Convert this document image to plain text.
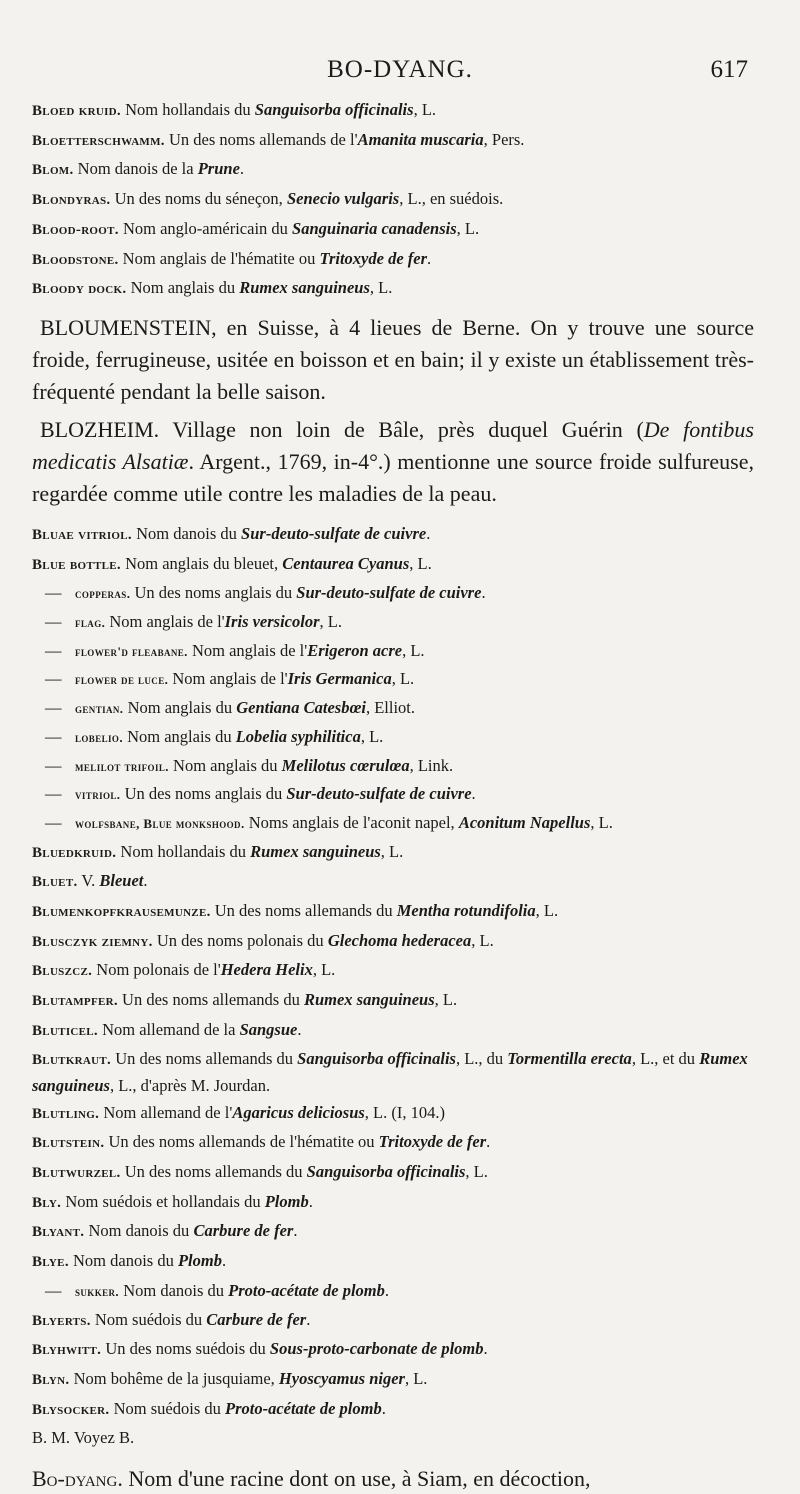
BO-DYANG.	617
Bloed kruid. Nom hollandais du Sanguisorba officinalis, L.
Bloetterschwamm. Un des noms allemands de l'Amanita muscaria, Pers.
Blom. Nom danois de la Prune.
Blondyras. Un des noms du séneçon, Senecio vulgaris, L., en suédois.
Blood-root. Nom anglo-américain du Sanguinaria canadensis, L.
Bloodstone. Nom anglais de l'hématite ou Tritoxyde de fer.
Bloody dock. Nom anglais du Rumex sanguineus, L.
BLOUMENSTEIN, en Suisse, à 4 lieues de Berne. On y trouve une source froide, ferrugineuse, usitée en boisson et en bain; il y existe un établissement très-fréquenté pendant la belle saison.
BLOZHEIM. Village non loin de Bâle, près duquel Guérin (De fontibus medicatis Alsatiæ. Argent., 1769, in-4°.) mentionne une source froide sulfureuse, regardée comme utile contre les maladies de la peau.
Bluae vitriol. Nom danois du Sur-deuto-sulfate de cuivre.
Blue bottle. Nom anglais du bleuet, Centaurea Cyanus, L.
— copperas. Un des noms anglais du Sur-deuto-sulfate de cuivre.
— flag. Nom anglais de l'Iris versicolor, L.
— flower'd fleabane. Nom anglais de l'Erigeron acre, L.
— flower de luce. Nom anglais de l'Iris Germanica, L.
— gentian. Nom anglais du Gentiana Catesbœi, Elliot.
— lobelio. Nom anglais du Lobelia syphilitica, L.
— melilot trifoil. Nom anglais du Melilotus cœrulœa, Link.
— vitriol. Un des noms anglais du Sur-deuto-sulfate de cuivre.
— wolfsbane, Blue monkshood. Noms anglais de l'aconit napel, Aconitum Napellus, L.
Bluedkruid. Nom hollandais du Rumex sanguineus, L.
Bluet. V. Bleuet.
Blumenkopfkrausemunze. Un des noms allemands du Mentha rotundifolia, L.
Blusczyk ziemny. Un des noms polonais du Glechoma hederacea, L.
Bluszcz. Nom polonais de l'Hedera Helix, L.
Blutampfer. Un des noms allemands du Rumex sanguineus, L.
Bluticel. Nom allemand de la Sangsue.
Blutkraut. Un des noms allemands du Sanguisorba officinalis, L., du Tormentilla erecta, L., et du Rumex sanguineus, L., d'après M. Jourdan.
Blutling. Nom allemand de l'Agaricus deliciosus, L. (I, 104.)
Blutstein. Un des noms allemands de l'hématite ou Tritoxyde de fer.
Blutwurzel. Un des noms allemands du Sanguisorba officinalis, L.
Bly. Nom suédois et hollandais du Plomb.
Blyant. Nom danois du Carbure de fer.
Blye. Nom danois du Plomb.
— sukker. Nom danois du Proto-acétate de plomb.
Blyerts. Nom suédois du Carbure de fer.
Blyhwitt. Un des noms suédois du Sous-proto-carbonate de plomb.
Blyn. Nom bohême de la jusquiame, Hyoscyamus niger, L.
Blysocker. Nom suédois du Proto-acétate de plomb.
B. M. Voyez B.
Bo-dyang. Nom d'une racine dont on use, à Siam, en décoction,
